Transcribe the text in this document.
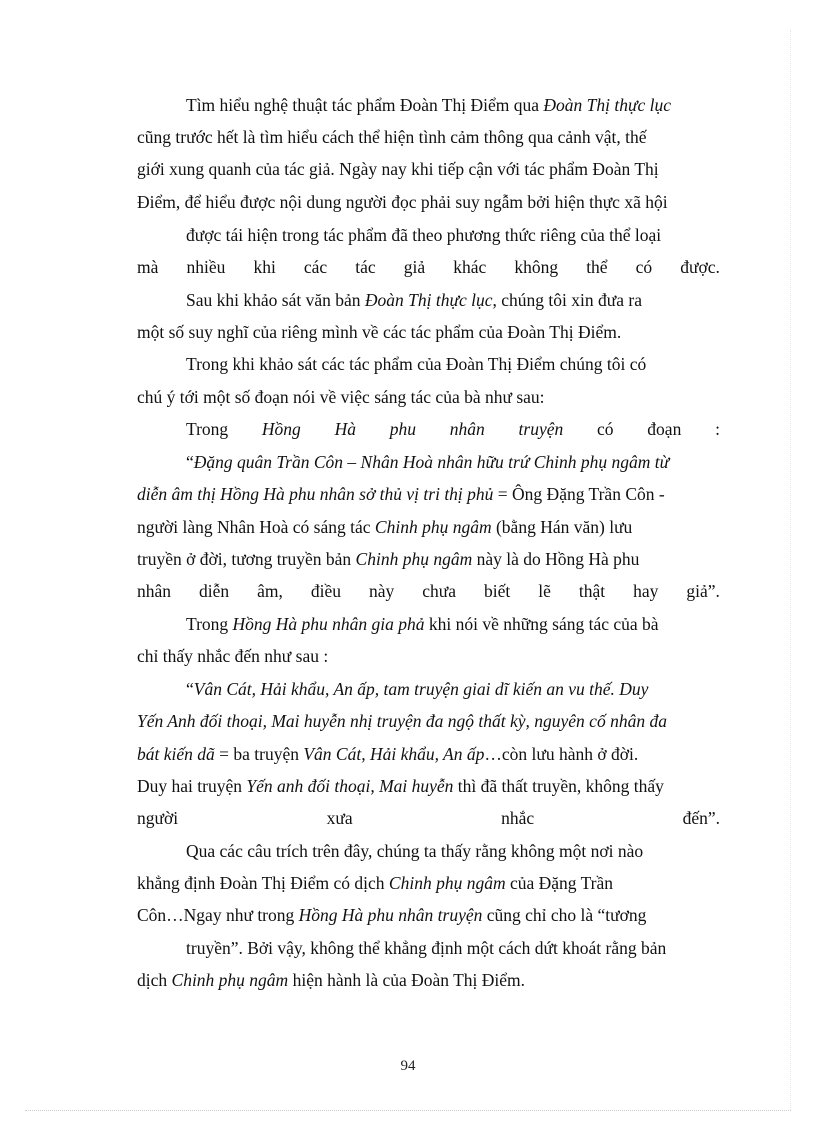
Tìm hiểu nghệ thuật tác phẩm Đoàn Thị Điểm qua Đoàn Thị thực lục
cũng trước hết là tìm hiểu cách thể hiện tình cảm thông qua cảnh vật, thế
giới xung quanh của tác giả. Ngày nay khi tiếp cận với tác phẩm Đoàn Thị
Điểm, để hiểu được nội dung người đọc phải suy ngẫm bởi hiện thực xã hội
được tái hiện trong tác phẩm đã theo phương thức riêng của thể loại
mà nhiều khi các tác giả khác không thể có được.
Sau khi khảo sát văn bản Đoàn Thị thực lục, chúng tôi xin đưa ra
một số suy nghĩ của riêng mình về các tác phẩm của Đoàn Thị Điểm.
Trong khi khảo sát các tác phẩm của Đoàn Thị Điểm chúng tôi có
chú ý tới một số đoạn nói về việc sáng tác của bà như sau:
Trong Hồng Hà phu nhân truyện có đoạn :
“Đặng quân Trần Côn – Nhân Hoà nhân hữu trứ Chinh phụ ngâm từ
diễn âm thị Hồng Hà phu nhân sở thủ vị tri thị phủ = Ông Đặng Trần Côn -
người làng Nhân Hoà có sáng tác Chinh phụ ngâm (bằng Hán văn) lưu
truyền ở đời, tương truyền bản Chinh phụ ngâm này là do Hồng Hà phu
nhân diễn âm, điều này chưa biết lẽ thật hay giả”.
Trong Hồng Hà phu nhân gia phả khi nói về những sáng tác của bà
chỉ thấy nhắc đến như sau :
“Vân Cát, Hải khẩu, An ấp, tam truyện giai dĩ kiến an vu thế. Duy
Yến Anh đối thoại, Mai huyễn nhị truyện đa ngộ thất kỳ, nguyên cố nhân đa
bát kiến dã = ba truyện Vân Cát, Hải khẩu, An ấp…còn lưu hành ở đời.
Duy hai truyện Yến anh đối thoại, Mai huyễn thì đã thất truyền, không thấy
người	xưa	nhắc	đến”.
Qua các câu trích trên đây, chúng ta thấy rằng không một nơi nào
khẳng định Đoàn Thị Điểm có dịch Chinh phụ ngâm của Đặng Trần
Côn…Ngay như trong Hồng Hà phu nhân truyện cũng chỉ cho là “tương
truyền”. Bởi vậy, không thể khẳng định một cách dứt khoát rằng bản
dịch Chinh phụ ngâm hiện hành là của Đoàn Thị Điểm.
94
